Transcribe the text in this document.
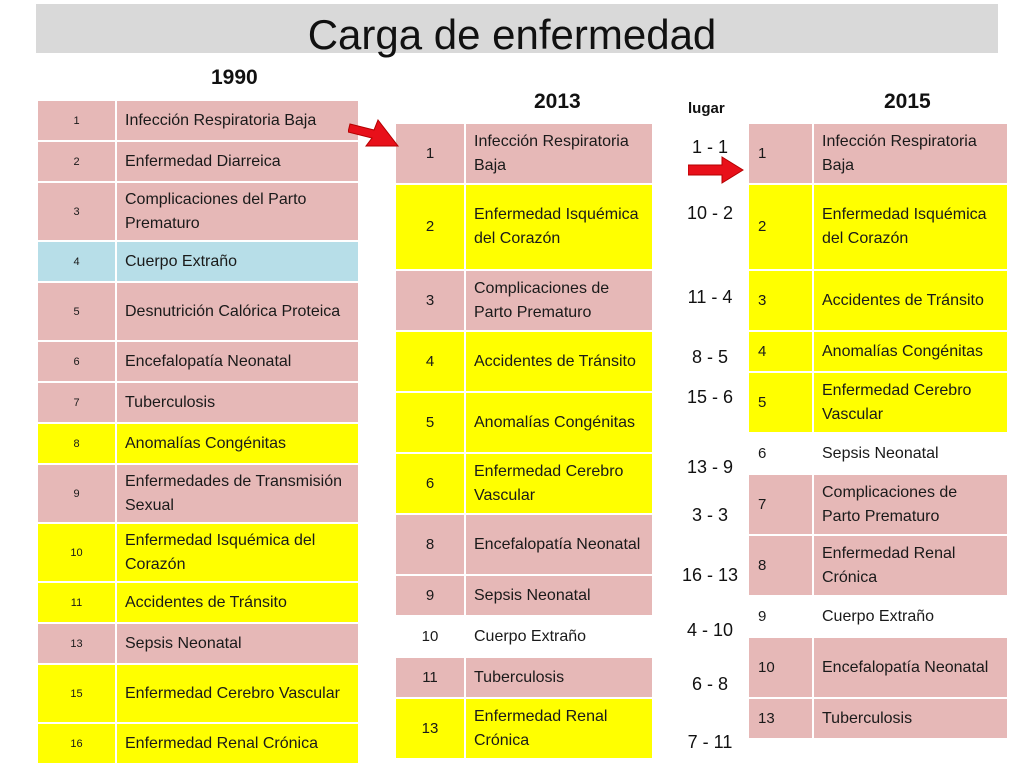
Carga de enfermedad
1990
2013	2015
lugar
1	Infección Respiratoria Baja
2	Enfermedad Diarreica
3	Complicaciones del Parto Prematuro
4	Cuerpo Extraño
5	Desnutrición Calórica Proteica
6	Encefalopatía Neonatal
7	Tuberculosis
8	Anomalías Congénitas
9	Enfermedades de Transmisión Sexual
10	Enfermedad Isquémica del Corazón
11	Accidentes de Tránsito
13	Sepsis Neonatal
15	Enfermedad Cerebro Vascular
16	Enfermedad Renal Crónica
1	Infección Respiratoria Baja
2	Enfermedad Isquémica del Corazón
3	Complicaciones de Parto Prematuro
4	Accidentes de Tránsito
5	Anomalías Congénitas
6	Enfermedad Cerebro Vascular
8	Encefalopatía Neonatal
9	Sepsis Neonatal
10	Cuerpo Extraño
11	Tuberculosis
13	Enfermedad Renal Crónica
1	Infección Respiratoria Baja
2	Enfermedad Isquémica del Corazón
3	Accidentes de Tránsito
4	Anomalías Congénitas
5	Enfermedad Cerebro Vascular
6	Sepsis Neonatal
7	Complicaciones de Parto Prematuro
8	Enfermedad Renal Crónica
9	Cuerpo Extraño
10	Encefalopatía Neonatal
13	Tuberculosis
1 - 1
10 - 2
11 - 4
8 - 5
15 - 6
13 - 9
3 - 3
16 - 13
4 - 10
6 - 8
7 - 11
